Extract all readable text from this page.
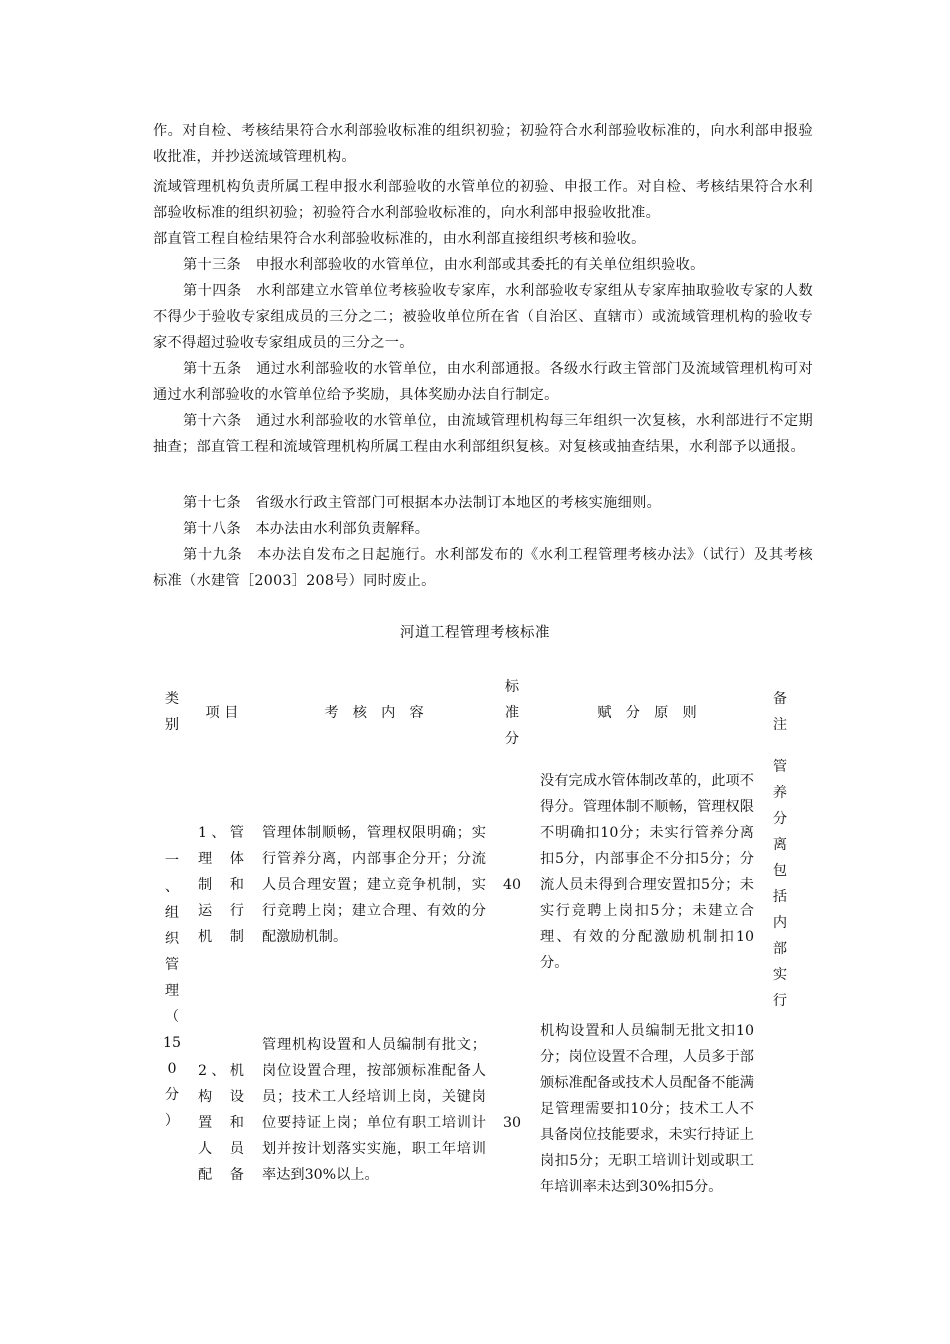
作。对自检、考核结果符合水利部验收标准的组织初验；初验符合水利部验收标准的，向水利部申报验收批准，并抄送流域管理机构。

流域管理机构负责所属工程申报水利部验收的水管单位的初验、申报工作。对自检、考核结果符合水利部验收标准的组织初验；初验符合水利部验收标准的，向水利部申报验收批准。

部直管工程自检结果符合水利部验收标准的，由水利部直接组织考核和验收。

第十三条　申报水利部验收的水管单位，由水利部或其委托的有关单位组织验收。

第十四条　水利部建立水管单位考核验收专家库，水利部验收专家组从专家库抽取验收专家的人数不得少于验收专家组成员的三分之二；被验收单位所在省（自治区、直辖市）或流域管理机构的验收专家不得超过验收专家组成员的三分之一。

第十五条　通过水利部验收的水管单位，由水利部通报。各级水行政主管部门及流域管理机构可对通过水利部验收的水管单位给予奖励，具体奖励办法自行制定。

第十六条　通过水利部验收的水管单位，由流域管理机构每三年组织一次复核，水利部进行不定期抽查；部直管工程和流域管理机构所属工程由水利部组织复核。对复核或抽查结果，水利部予以通报。

第十七条　省级水行政主管部门可根据本办法制订本地区的考核实施细则。

第十八条　本办法由水利部负责解释。

第十九条　本办法自发布之日起施行。水利部发布的《水利工程管理考核办法》（试行）及其考核标准（水建管［2003］208号）同时废止。

河道工程管理考核标准
类
别
项 目	考　核　内　容
标
准
分
赋　分　原　则
备
注
一
、
组
织
管
理
（
15
0
分
）
管
养
分
离
包
括
内
部
实
行
1、管理体制和运行机制
管理体制顺畅，管理权限明确；实行管养分离，内部事企分开；分流人员合理安置；建立竞争机制，实行竞聘上岗；建立合理、有效的分配激励机制。
40
没有完成水管体制改革的，此项不得分。管理体制不顺畅，管理权限不明确扣10分；未实行管养分离扣5分，内部事企不分扣5分；分流人员未得到合理安置扣5分；未实行竞聘上岗扣5分；未建立合理、有效的分配激励机制扣10分。
2、机构设置和人员配备
管理机构设置和人员编制有批文；岗位设置合理，按部颁标准配备人员；技术工人经培训上岗，关键岗位要持证上岗；单位有职工培训计划并按计划落实实施，职工年培训率达到30%以上。
30
机构设置和人员编制无批文扣10分；岗位设置不合理，人员多于部颁标准配备或技术人员配备不能满足管理需要扣10分；技术工人不具备岗位技能要求，未实行持证上岗扣5分；无职工培训计划或职工年培训率未达到30%扣5分。
